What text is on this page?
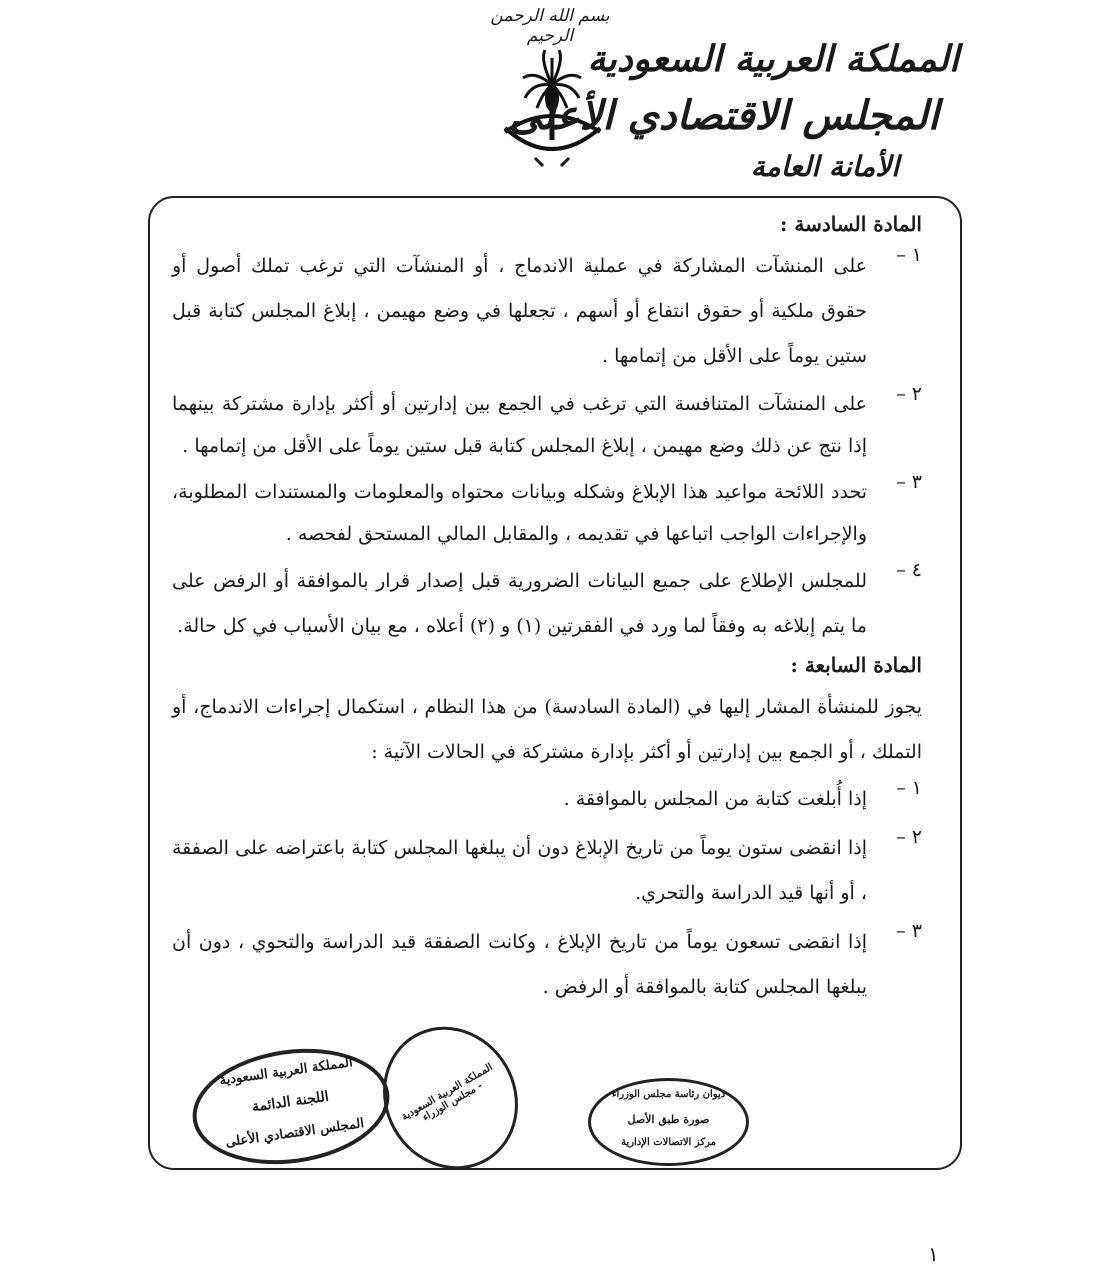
بسم الله الرحمن الرحيم
المملكة العربية السعودية
المجلس الاقتصادي الأعلى
الأمانة العامة
المادة السادسة :
١ –
على المنشآت المشاركة في عملية الاندماج ، أو المنشآت التي ترغب تملك أصول أو حقوق ملكية أو حقوق انتفاع أو أسهم ، تجعلها في وضع مهيمن ، إبلاغ المجلس كتابة قبل ستين يوماً على الأقل من إتمامها .
٢ –
على المنشآت المتنافسة التي ترغب في الجمع بين إدارتين أو أكثر بإدارة مشتركة بينهما إذا نتج عن ذلك وضع مهيمن ، إبلاغ المجلس كتابة قبل ستين يوماً على الأقل من إتمامها .
٣ –
تحدد اللائحة مواعيد هذا الإبلاغ وشكله وبيانات محتواه والمعلومات والمستندات المطلوبة، والإجراءات الواجب اتباعها في تقديمه ، والمقابل المالي المستحق لفحصه .
٤ –
للمجلس الإطلاع على جميع البيانات الضرورية قبل إصدار قرار بالموافقة أو الرفض على ما يتم إبلاغه به وفقاً لما ورد في الفقرتين (١) و (٢) أعلاه ، مع بيان الأسباب في كل حالة.
المادة السابعة :
يجوز للمنشأة المشار إليها في (المادة السادسة) من هذا النظام ، استكمال إجراءات الاندماج، أو التملك ، أو الجمع بين إدارتين أو أكثر بإدارة مشتركة في الحالات الآتية :
١ –
إذا أُبلغت كتابة من المجلس بالموافقة .
٢ –
إذا انقضى ستون يوماً من تاريخ الإبلاغ دون أن يبلغها المجلس كتابة باعتراضه على الصفقة ، أو أنها قيد الدراسة والتحري.
٣ –
إذا انقضى تسعون يوماً من تاريخ الإبلاغ ، وكانت الصفقة قيد الدراسة والتحوي ، دون أن يبلغها المجلس كتابة بالموافقة أو الرفض .
المملكة العربية السعودية
اللجنة الدائمة
المجلس الاقتصادي الأعلى
المملكة العربية السعودية - مجلس الوزراء	ديوان رئاسة مجلس الوزراء
صورة طبق الأصل
مركز الاتصالات الإدارية
١
